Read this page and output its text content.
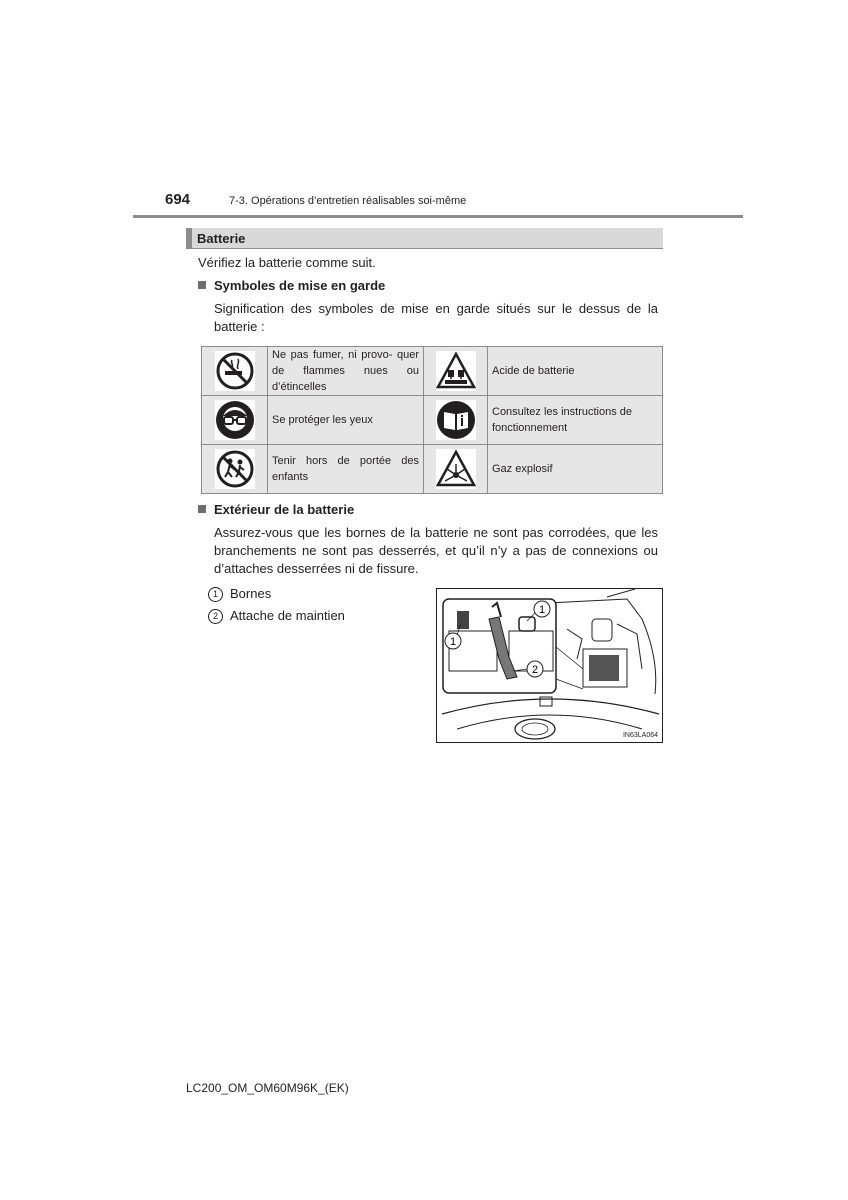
694	7-3. Opérations d’entretien réalisables soi-même
Batterie
Vérifiez la batterie comme suit.
Symboles de mise en garde
Signification des symboles de mise en garde situés sur le dessus de la
batterie :
	Ne pas fumer, ni provo- quer de flammes nues ou d’étincelles		Acide de batterie

	Se protéger les yeux		Consultez les instructions de fonctionnement

	Tenir hors de portée des enfants		Gaz explosif
Extérieur de la batterie
Assurez-vous que les bornes de la batterie ne sont pas corrodées, que les
branchements ne sont pas desserrés, et qu’il n’y a pas de connexions ou
d’attaches desserrées ni de fissure.
1 Bornes
2 Attache de maintien	1
1
2
IN63LA064
LC200_OM_OM60M96K_(EK)
